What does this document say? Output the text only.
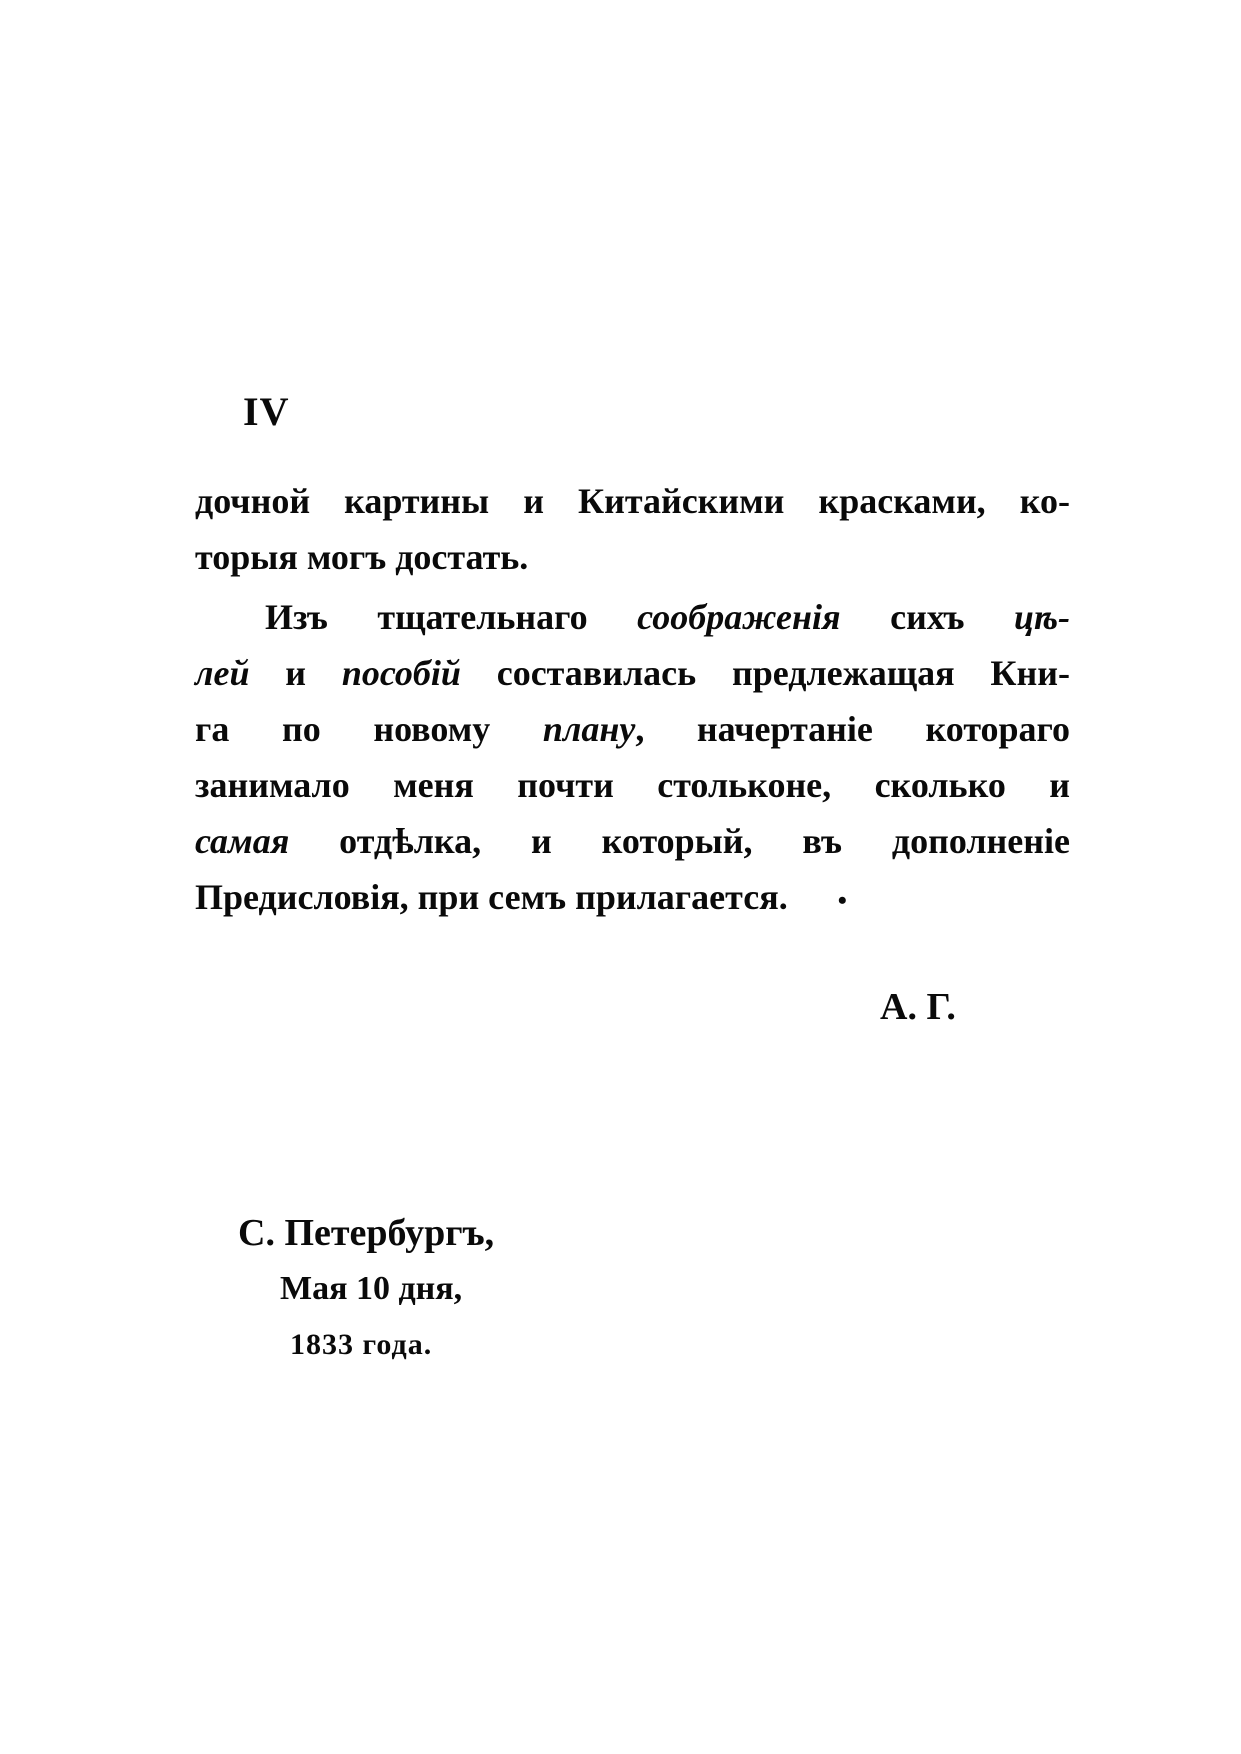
IV
дочной картины и Китайскими красками, ко-
торыя могъ достать.
Изъ тщательнаго соображенія сихъ цѣ-
лей и пособій составилась предлежащая Кни-
га по новому плану, начертаніе котораго
занимало меня почти стольконе, сколько и
самая отдѣлка, и который, въ дополненіе
Предисловія, при семъ прилагается. •
А. Г.
С. Петербургъ,
Мая 10 дня,
1833 года.
